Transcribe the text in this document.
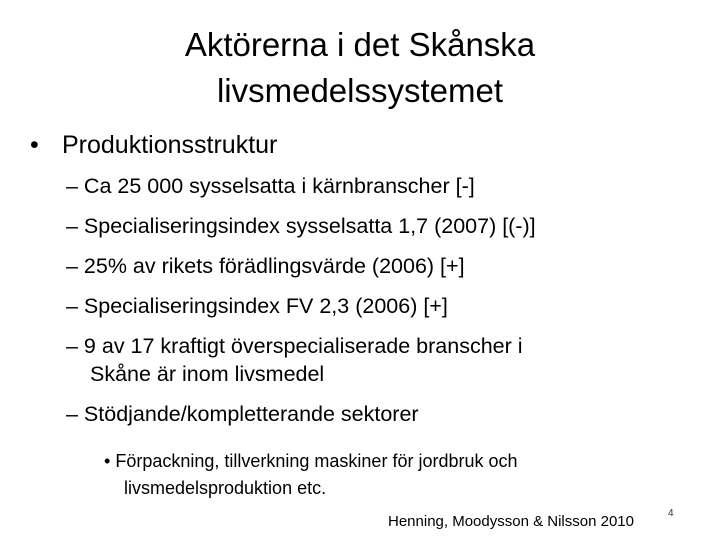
Aktörerna i det Skånska
livsmedelssystemet
• Produktionsstruktur
– Ca 25 000 sysselsatta i kärnbranscher [-]
– Specialiseringsindex sysselsatta 1,7 (2007) [(-)]
– 25% av rikets förädlingsvärde (2006) [+]
– Specialiseringsindex FV 2,3 (2006) [+]
– 9 av 17 kraftigt överspecialiserade branscher i
Skåne är inom livsmedel
– Stödjande/kompletterande sektorer
• Förpackning, tillverkning maskiner för jordbruk och
livsmedelsproduktion etc.
Henning, Moodysson & Nilsson 2010	4
